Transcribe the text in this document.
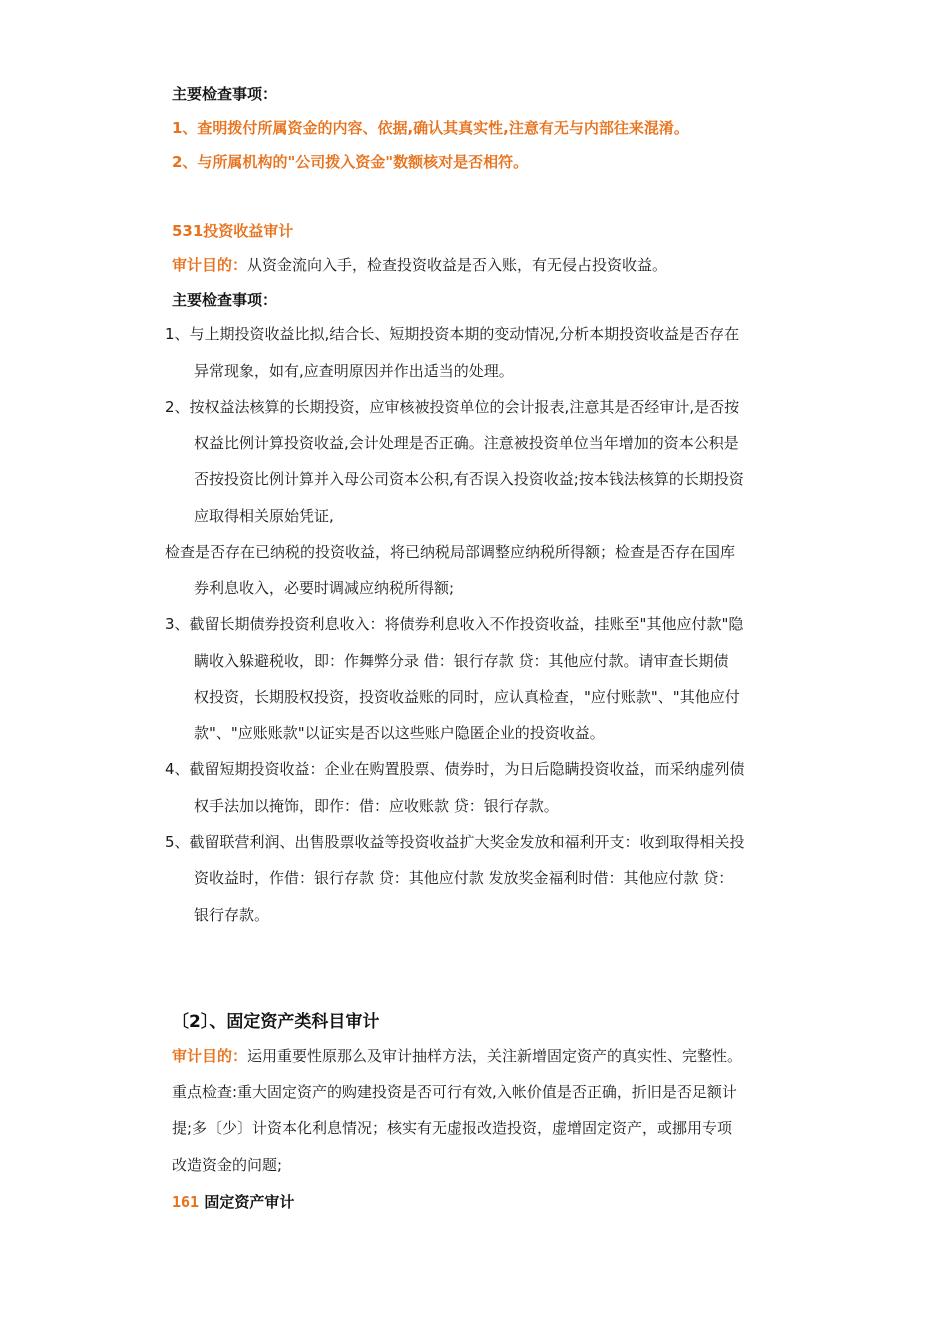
主要检查事项：
1、查明拨付所属资金的内容、依据,确认其真实性,注意有无与内部往来混淆。
2、与所属机构的"公司拨入资金"数额核对是否相符。
531投资收益审计
审计目的：从资金流向入手，检查投资收益是否入账，有无侵占投资收益。
主要检查事项：
1、与上期投资收益比拟,结合长、短期投资本期的变动情况,分析本期投资收益是否存在
异常现象，如有,应查明原因并作出适当的处理。
2、按权益法核算的长期投资，应审核被投资单位的会计报表,注意其是否经审计,是否按
权益比例计算投资收益,会计处理是否正确。注意被投资单位当年增加的资本公积是
否按投资比例计算并入母公司资本公积,有否误入投资收益;按本钱法核算的长期投资
应取得相关原始凭证,
检查是否存在已纳税的投资收益，将已纳税局部调整应纳税所得额；检查是否存在国库
券利息收入，必要时调减应纳税所得额;
3、截留长期债券投资利息收入：将债券利息收入不作投资收益，挂账至"其他应付款"隐
瞒收入躲避税收，即：作舞弊分录 借：银行存款 贷：其他应付款。请审查长期债
权投资，长期股权投资，投资收益账的同时，应认真检查，"应付账款"、"其他应付
款"、"应账账款"以证实是否以这些账户隐匿企业的投资收益。
4、截留短期投资收益：企业在购置股票、债券时，为日后隐瞒投资收益，而采纳虚列债
权手法加以掩饰，即作：借：应收账款 贷：银行存款。
5、截留联营利润、出售股票收益等投资收益扩大奖金发放和福利开支：收到取得相关投
资收益时，作借：银行存款 贷：其他应付款 发放奖金福利时借：其他应付款 贷：
银行存款。
〔2〕、固定资产类科目审计
审计目的：运用重要性原那么及审计抽样方法，关注新增固定资产的真实性、完整性。
重点检查:重大固定资产的购建投资是否可行有效,入帐价值是否正确，折旧是否足额计
提;多〔少〕计资本化利息情况；核实有无虚报改造投资，虚增固定资产，或挪用专项
改造资金的问题;
161 固定资产审计
